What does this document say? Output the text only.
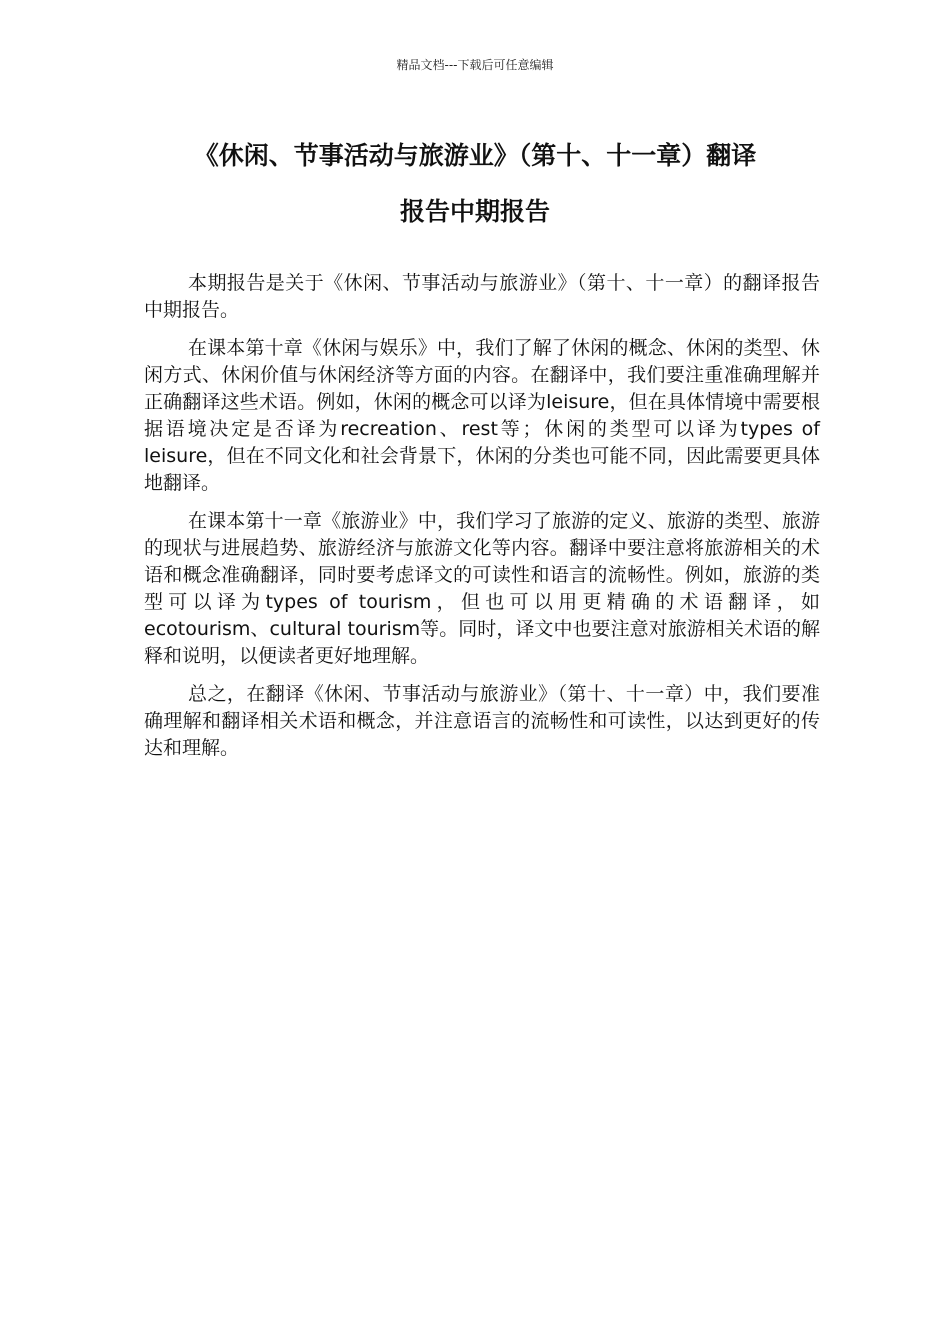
精品文档---下载后可任意编辑
《休闲、节事活动与旅游业》（第十、十一章）翻译
报告中期报告

本期报告是关于《休闲、节事活动与旅游业》（第十、十一章）的翻译报告中期报告。

在课本第十章《休闲与娱乐》中，我们了解了休闲的概念、休闲的类型、休闲方式、休闲价值与休闲经济等方面的内容。在翻译中，我们要注重准确理解并正确翻译这些术语。例如，休闲的概念可以译为leisure，但在具体情境中需要根据语境决定是否译为recreation、rest等；休闲的类型可以译为types of leisure，但在不同文化和社会背景下，休闲的分类也可能不同，因此需要更具体地翻译。

在课本第十一章《旅游业》中，我们学习了旅游的定义、旅游的类型、旅游的现状与进展趋势、旅游经济与旅游文化等内容。翻译中要注意将旅游相关的术语和概念准确翻译，同时要考虑译文的可读性和语言的流畅性。例如，旅游的类型可以译为types of tourism，但也可以用更精确的术语翻译，如ecotourism、cultural tourism等。同时，译文中也要注意对旅游相关术语的解释和说明，以便读者更好地理解。

总之，在翻译《休闲、节事活动与旅游业》（第十、十一章）中，我们要准确理解和翻译相关术语和概念，并注意语言的流畅性和可读性，以达到更好的传达和理解。
